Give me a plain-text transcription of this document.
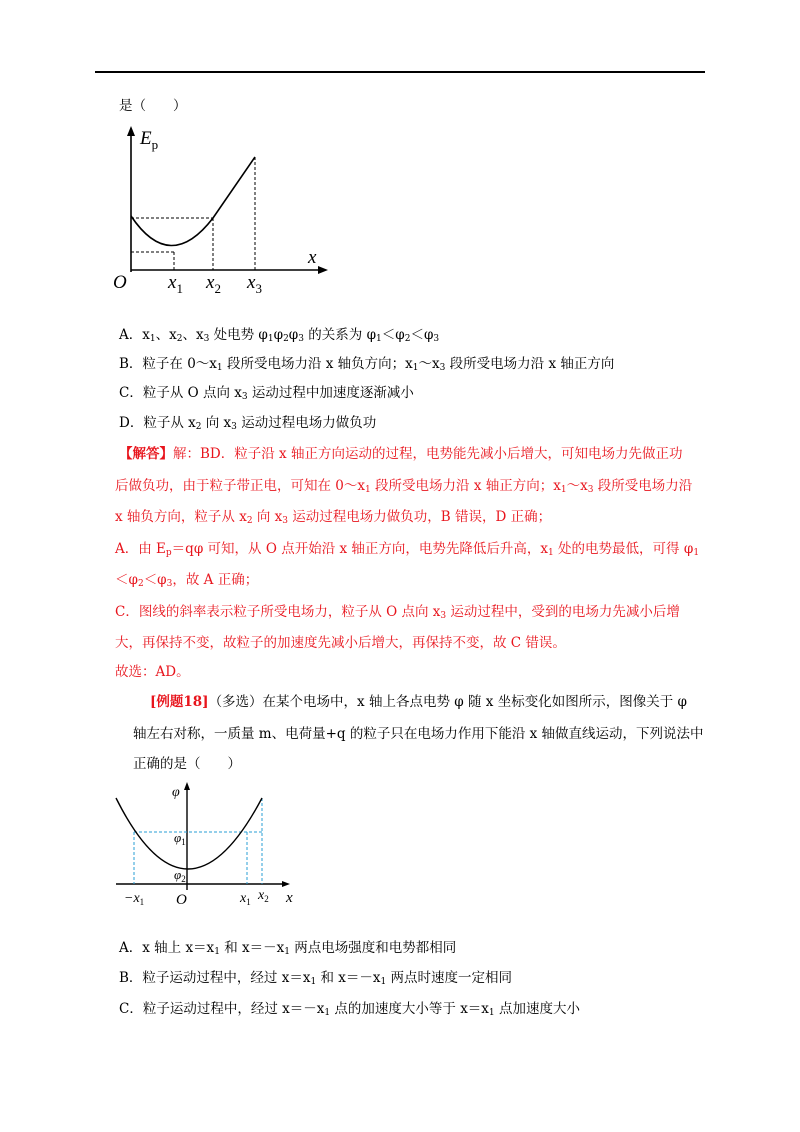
是（　　）
$E_p$
x
O $x_1$ $x_2$ $x_3$
A．$x_1$、$x_2$、$x_3$ 处电势 $\varphi_1\varphi_2\varphi_3$ 的关系为 $\varphi_1<\varphi_2<\varphi_3$
B．粒子在 $0\sim x_1$ 段所受电场力沿 x 轴负方向；$x_1\sim x_3$ 段所受电场力沿 x 轴正方向
C．粒子从 O 点向 $x_3$ 运动过程中加速度逐渐减小
D．粒子从 $x_2$ 向 $x_3$ 运动过程电场力做负功
【解答】解：BD．粒子沿 x 轴正方向运动的过程，电势能先减小后增大，可知电场力先做正功
后做负功，由于粒子带正电，可知在 $0\sim x_1$ 段所受电场力沿 x 轴正方向；$x_1\sim x_3$ 段所受电场力沿
x 轴负方向，粒子从 $x_2$ 向 $x_3$ 运动过程电场力做负功，B 错误，D 正确；
A．由 $E_p=q\varphi$ 可知，从 O 点开始沿 x 轴正方向，电势先降低后升高，$x_1$ 处的电势最低，可得 $\varphi_1$
$<\varphi_2<\varphi_3$，故 A 正确；
C．图线的斜率表示粒子所受电场力，粒子从 O 点向 $x_3$ 运动过程中，受到的电场力先减小后增
大，再保持不变，故粒子的加速度先减小后增大，再保持不变，故 C 错误。
故选：AD。
[例题18]（多选）在某个电场中，x 轴上各点电势 φ 随 x 坐标变化如图所示，图像关于 φ
轴左右对称，一质量 m、电荷量+q 的粒子只在电场力作用下能沿 x 轴做直线运动，下列说法中
正确的是（　　）
φ
x
O
$\varphi_1$
$\varphi_2$
$-x_1$	$x_1$ $x_2$
A．x 轴上 $x=x_1$ 和 $x=-x_1$ 两点电场强度和电势都相同
B．粒子运动过程中，经过 $x=x_1$ 和 $x=-x_1$ 两点时速度一定相同
C．粒子运动过程中，经过 $x=-x_1$ 点的加速度大小等于 $x=x_1$ 点加速度大小
